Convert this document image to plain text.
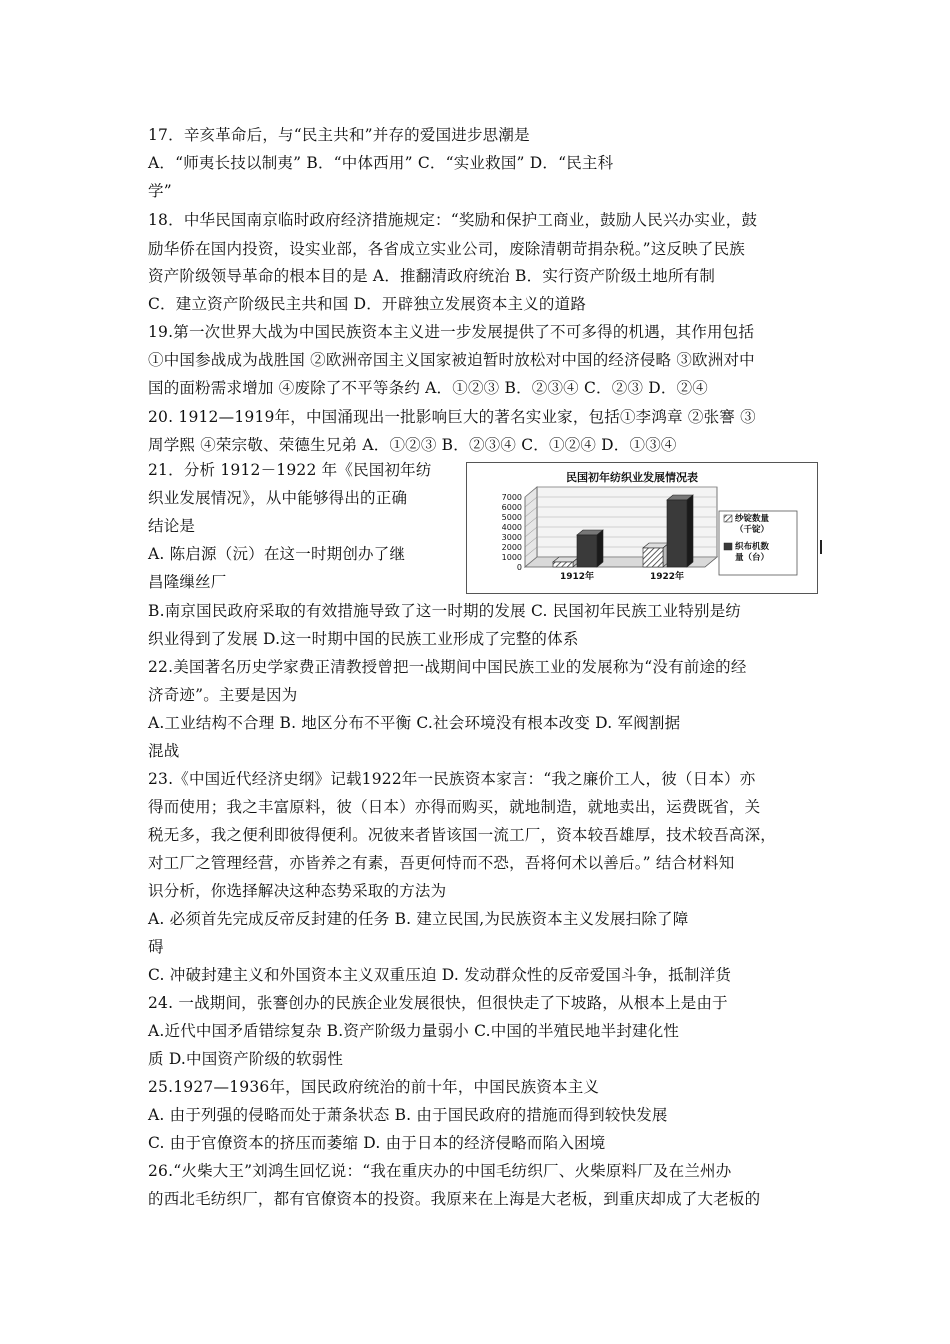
17．辛亥革命后，与“民主共和”并存的爱国进步思潮是
A．“师夷长技以制夷” B．“中体西用” C．“实业救国” D．“民主科
学”
18．中华民国南京临时政府经济措施规定：“奖励和保护工商业，鼓励人民兴办实业，鼓
励华侨在国内投资，设实业部，各省成立实业公司，废除清朝苛捐杂税。”这反映了民族
资产阶级领导革命的根本目的是 A．推翻清政府统治 B．实行资产阶级土地所有制
C．建立资产阶级民主共和国 D．开辟独立发展资本主义的道路
19.第一次世界大战为中国民族资本主义进一步发展提供了不可多得的机遇，其作用包括
①中国参战成为战胜国 ②欧洲帝国主义国家被迫暂时放松对中国的经济侵略 ③欧洲对中
国的面粉需求增加 ④废除了不平等条约 A．①②③ B．②③④ C．②③ D．②④
20. 1912—1919年，中国涌现出一批影响巨大的著名实业家，包括①李鸿章 ②张謇 ③
周学熙 ④荣宗敬、荣德生兄弟 A．①②③ B．②③④ C．①②④ D．①③④
21．分析 1912－1922 年《民国初年纺
织业发展情况》，从中能够得出的正确
结论是
A. 陈启源（沅）在这一时期创办了继
昌隆缫丝厂
B.南京国民政府采取的有效措施导致了这一时期的发展 C. 民国初年民族工业特别是纺
织业得到了发展 D.这一时期中国的民族工业形成了完整的体系
22.美国著名历史学家费正清教授曾把一战期间中国民族工业的发展称为“没有前途的经
济奇迹”。主要是因为
A.工业结构不合理 B. 地区分布不平衡 C.社会环境没有根本改变 D. 军阀割据
混战
23.《中国近代经济史纲》记载1922年一民族资本家言：“我之廉价工人，彼（日本）亦
得而使用；我之丰富原料，彼（日本）亦得而购买，就地制造，就地卖出，运费既省，关
税无多，我之便利即彼得便利。况彼来者皆该国一流工厂，资本较吾雄厚，技术较吾高深，
对工厂之管理经营，亦皆养之有素，吾更何恃而不恐，吾将何术以善后。” 结合材料知
识分析，你选择解决这种态势采取的方法为
A. 必须首先完成反帝反封建的任务 B. 建立民国,为民族资本主义发展扫除了障
碍
C. 冲破封建主义和外国资本主义双重压迫 D. 发动群众性的反帝爱国斗争，抵制洋货
24. 一战期间，张謇创办的民族企业发展很快，但很快走了下坡路，从根本上是由于
A.近代中国矛盾错综复杂 B.资产阶级力量弱小 C.中国的半殖民地半封建化性
质 D.中国资产阶级的软弱性
25.1927—1936年，国民政府统治的前十年，中国民族资本主义
A. 由于列强的侵略而处于萧条状态 B. 由于国民政府的措施而得到较快发展
C. 由于官僚资本的挤压而萎缩 D. 由于日本的经济侵略而陷入困境
26.“火柴大王”刘鸿生回忆说：“我在重庆办的中国毛纺织厂、火柴原料厂及在兰州办
的西北毛纺织厂，都有官僚资本的投资。我原来在上海是大老板，到重庆却成了大老板的
民国初年纺织业发展情况表
0
1000
2000
3000
4000
5000
6000
7000
1912年	1922年
纱锭数量
（千锭）
织布机数
量（台）
